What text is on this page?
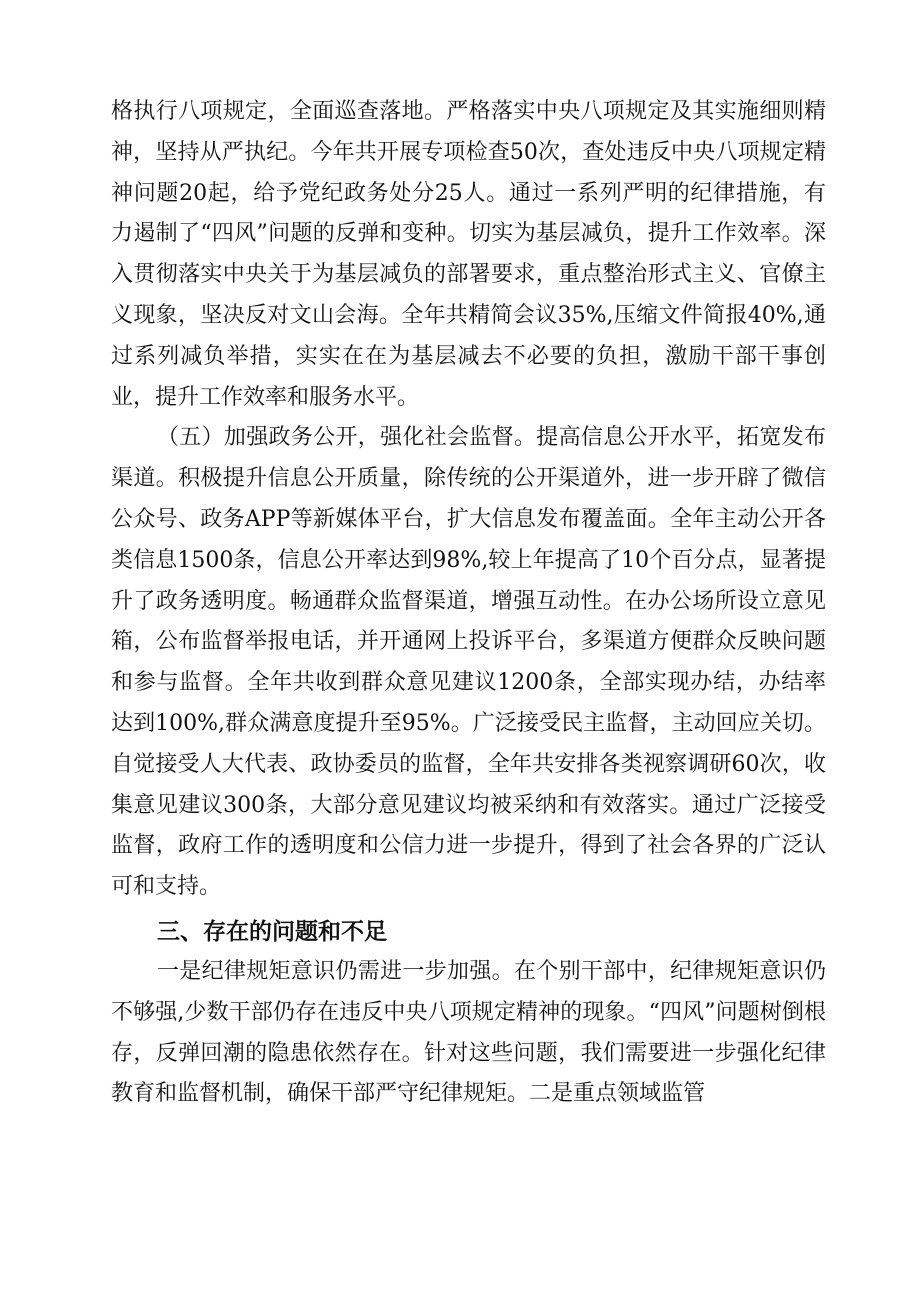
格执行八项规定，全面巡查落地。严格落实中央八项规定及其实施细则精神，坚持从严执纪。今年共开展专项检查50次，查处违反中央八项规定精神问题20起，给予党纪政务处分25人。通过一系列严明的纪律措施，有力遏制了“四风”问题的反弹和变种。切实为基层减负，提升工作效率。深入贯彻落实中央关于为基层减负的部署要求，重点整治形式主义、官僚主义现象，坚决反对文山会海。全年共精简会议35%,压缩文件简报40%,通过系列减负举措，实实在在为基层减去不必要的负担，激励干部干事创业，提升工作效率和服务水平。

（五）加强政务公开，强化社会监督。提高信息公开水平，拓宽发布渠道。积极提升信息公开质量，除传统的公开渠道外，进一步开辟了微信公众号、政务APP等新媒体平台，扩大信息发布覆盖面。全年主动公开各类信息1500条，信息公开率达到98%,较上年提高了10个百分点，显著提升了政务透明度。畅通群众监督渠道，增强互动性。在办公场所设立意见箱，公布监督举报电话，并开通网上投诉平台，多渠道方便群众反映问题和参与监督。全年共收到群众意见建议1200条，全部实现办结，办结率达到100%,群众满意度提升至95%。广泛接受民主监督，主动回应关切。自觉接受人大代表、政协委员的监督，全年共安排各类视察调研60次，收集意见建议300条，大部分意见建议均被采纳和有效落实。通过广泛接受监督，政府工作的透明度和公信力进一步提升，得到了社会各界的广泛认可和支持。

三、存在的问题和不足

一是纪律规矩意识仍需进一步加强。在个别干部中，纪律规矩意识仍不够强,少数干部仍存在违反中央八项规定精神的现象。“四风”问题树倒根存，反弹回潮的隐患依然存在。针对这些问题，我们需要进一步强化纪律教育和监督机制，确保干部严守纪律规矩。二是重点领域监管
